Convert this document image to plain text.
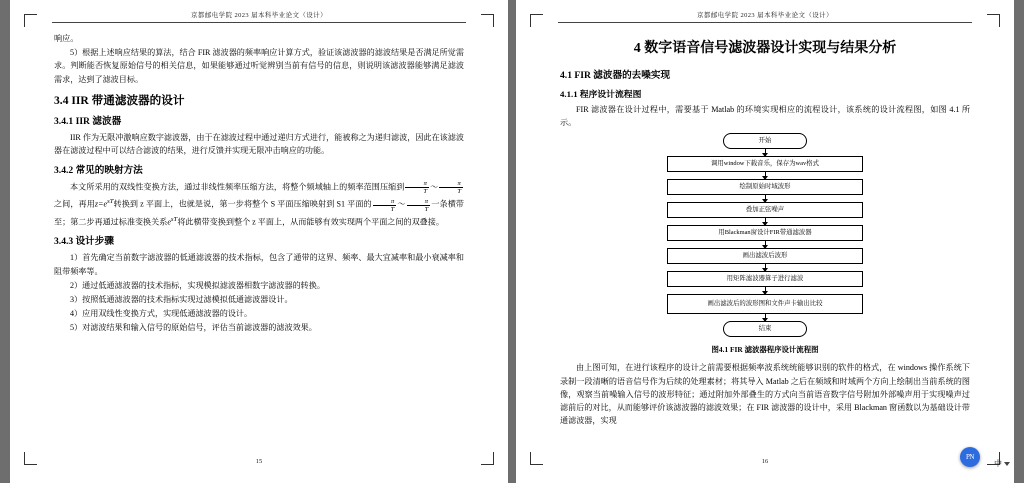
京都邮电学院 2023 届本科毕业论文（设计）

响应。

5）根据上述响应结果的算法，结合 FIR 滤波器的频率响应计算方式，验证该滤波器的滤波结果是否满足所觉需求。判断能否恢复原始信号的相关信息，如果能够通过听觉辨别当前有信号的信息，则说明该滤波器能够满足滤波需求，达到了滤波目标。

3.4 IIR 带通滤波器的设计
3.4.1 IIR 滤波器

IIR 作为无限冲激响应数字滤波器，由于在滤波过程中通过递归方式进行，能被称之为递归滤波，因此在该滤波器在滤波过程中可以结合滤波的结果，进行反馈并实现无限冲击响应的功能。

3.4.2 常见的映射方法

本文所采用的双线性变换方法，通过非线性频率压缩方法，将整个频域轴上的频率范围压缩到 $\frac{\pi}{T}$ ～ $\frac{\pi}{T}$
之间，再用$z=e^{sT}$转换到 z 平面上，也就是说，第一步将整个 S 平面压缩映射到 S1 平面的 $\frac{\pi}{T}$ ～ $\frac{\pi}{T}$ 一条横带至；第二步再通过标准变换关系$e^{sT}$将此横带变换到整个 z 平面上，从而能够有效实现两个平面之间的双叠接。

3.4.3 设计步骤

1）首先确定当前数字滤波器的低通滤波器的技术指标，包含了通带的这界、频率、最大宜减率和最小衰减率和阻带频率等。

2）通过低通滤波器的技术指标，实现模拟滤波器相数字滤波器的转换。

3）按照低通滤波器的技术指标实现过滤模拟低通滤波器设计。

4）应用双线性变换方式，实现低通滤波器的设计。

5）对滤波结果和输入信号的原始信号，评估当前滤波器的滤波效果。

15
京都邮电学院 2023 届本科毕业论文（设计）
4 数字语音信号滤波器设计实现与结果分析
4.1 FIR 滤波器的去噪实现
4.1.1 程序设计流程图

FIR 滤波器在设计过程中，需要基于 Matlab 的环境实现相应的流程设计，该系统的设计流程图，如图 4.1 所示。

开始
调用window下载音乐，保存为wav格式
绘制原始时域波形
叠加正弦噪声
用Blackman窗设计FIR带通滤波器
画出滤波后波形
用矩阵滤波器算子进行滤波
画出滤波后的波形图和文件声卡输出比较
结束
图4.1 FIR 滤波器程序设计流程图

由上图可知，在进行该程序的设计之前需要根据频率波系统统能够识别的软件的格式，在 windows 操作系统下录制一段清晰的语音信号作为后续的处理素材；将其导入 Matlab 之后在频域和时域两个方向上绘制出当前系统的图像，观察当前噪输入信号的波形特征；通过附加外部叠生的方式向当前语音数字信号附加外部噪声用于实现噪声过滤前后的对比，从而能够评价该滤波器的滤波效果；在 FIR 滤波器的设计中，采用 Blackman 窗函数以为基础设计带通滤波器，实现

16
PN
中
